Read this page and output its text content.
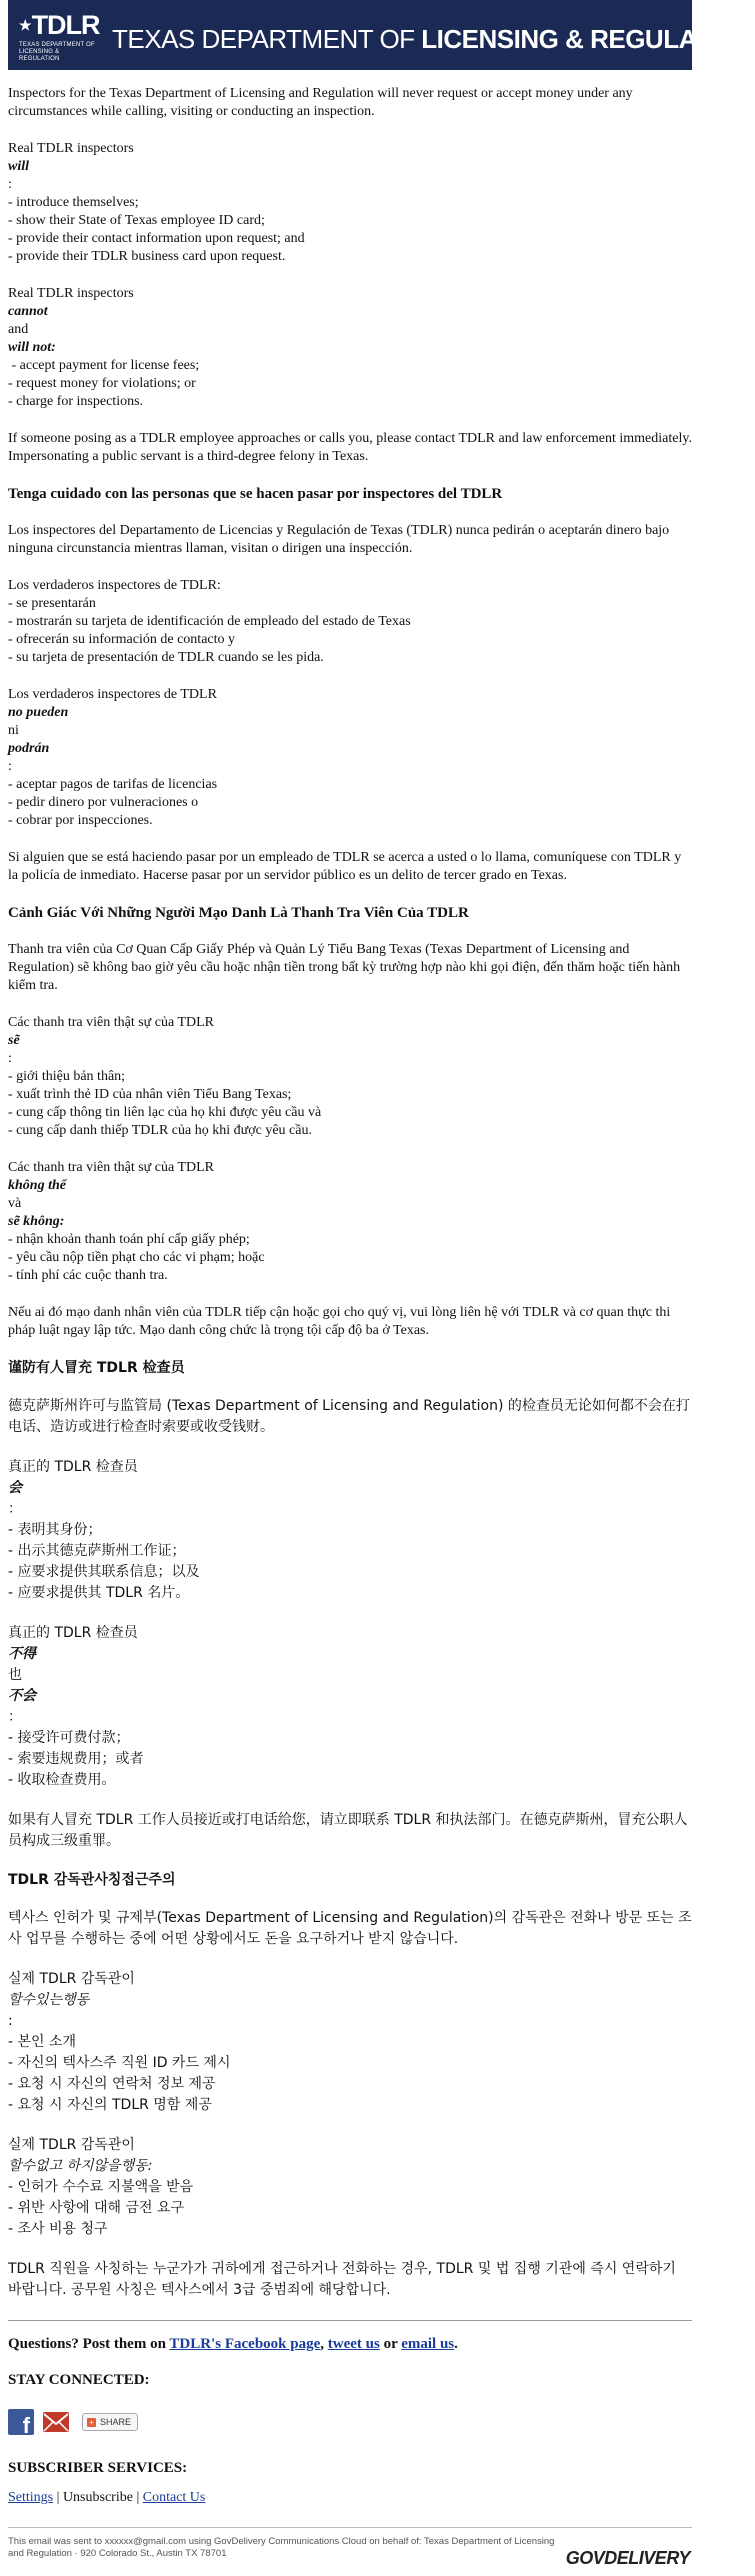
★TDLR
TEXAS DEPARTMENT OF
LICENSING & REGULATION
TEXAS DEPARTMENT OF LICENSING & REGULATION

Inspectors for the Texas Department of Licensing and Regulation will never request or accept money under any circumstances while calling, visiting or conducting an inspection.

Real TDLR inspectors
will
:
- introduce themselves;
- show their State of Texas employee ID card;
- provide their contact information upon request; and
- provide their TDLR business card upon request.

Real TDLR inspectors
cannot
and
will not:
- accept payment for license fees;
- request money for violations; or
- charge for inspections.

If someone posing as a TDLR employee approaches or calls you, please contact TDLR and law enforcement immediately. Impersonating a public servant is a third-degree felony in Texas.

Tenga cuidado con las personas que se hacen pasar por inspectores del TDLR

Los inspectores del Departamento de Licencias y Regulación de Texas (TDLR) nunca pedirán o aceptarán dinero bajo ninguna circunstancia mientras llaman, visitan o dirigen una inspección.

Los verdaderos inspectores de TDLR:
- se presentarán
- mostrarán su tarjeta de identificación de empleado del estado de Texas
- ofrecerán su información de contacto y
- su tarjeta de presentación de TDLR cuando se les pida.

Los verdaderos inspectores de TDLR
no pueden
ni
podrán
:
- aceptar pagos de tarifas de licencias
- pedir dinero por vulneraciones o
- cobrar por inspecciones.

Si alguien que se está haciendo pasar por un empleado de TDLR se acerca a usted o lo llama, comuníquese con TDLR y la policía de inmediato. Hacerse pasar por un servidor público es un delito de tercer grado en Texas.

Cảnh Giác Với Những Người Mạo Danh Là Thanh Tra Viên Của TDLR

Thanh tra viên của Cơ Quan Cấp Giấy Phép và Quản Lý Tiểu Bang Texas (Texas Department of Licensing and Regulation) sẽ không bao giờ yêu cầu hoặc nhận tiền trong bất kỳ trường hợp nào khi gọi điện, đến thăm hoặc tiến hành kiểm tra.

Các thanh tra viên thật sự của TDLR
sẽ
:
- giới thiệu bản thân;
- xuất trình thẻ ID của nhân viên Tiểu Bang Texas;
- cung cấp thông tin liên lạc của họ khi được yêu cầu và
- cung cấp danh thiếp TDLR của họ khi được yêu cầu.

Các thanh tra viên thật sự của TDLR
không thể
và
sẽ không:
- nhận khoản thanh toán phí cấp giấy phép;
- yêu cầu nộp tiền phạt cho các vi phạm; hoặc
- tính phí các cuộc thanh tra.

Nếu ai đó mạo danh nhân viên của TDLR tiếp cận hoặc gọi cho quý vị, vui lòng liên hệ với TDLR và cơ quan thực thi pháp luật ngay lập tức. Mạo danh công chức là trọng tội cấp độ ba ở Texas.

谨防有人冒充 TDLR 检查员

德克萨斯州许可与监管局 (Texas Department of Licensing and Regulation) 的检查员无论如何都不会在打电话、造访或进行检查时索要或收受钱财。

真正的 TDLR 检查员
会
：
- 表明其身份；
- 出示其德克萨斯州工作证；
- 应要求提供其联系信息；以及
- 应要求提供其 TDLR 名片。

真正的 TDLR 检查员
不得
也
不会
：
- 接受许可费付款；
- 索要违规费用；或者
- 收取检查费用。

如果有人冒充 TDLR 工作人员接近或打电话给您，请立即联系 TDLR 和执法部门。在德克萨斯州，冒充公职人员构成三级重罪。

TDLR 감독관사칭접근주의

텍사스 인허가 및 규제부(Texas Department of Licensing and Regulation)의 감독관은 전화나 방문 또는 조사 업무를 수행하는 중에 어떤 상황에서도 돈을 요구하거나 받지 않습니다.

실제 TDLR 감독관이
할수있는행동
:
- 본인 소개
- 자신의 텍사스주 직원 ID 카드 제시
- 요청 시 자신의 연락처 정보 제공
- 요청 시 자신의 TDLR 명함 제공

실제 TDLR 감독관이
할수없고 하지않을행동:
- 인허가 수수료 지불액을 받음
- 위반 사항에 대해 금전 요구
- 조사 비용 청구

TDLR 직원을 사칭하는 누군가가 귀하에게 접근하거나 전화하는 경우, TDLR 및 법 집행 기관에 즉시 연락하기 바랍니다. 공무원 사칭은 텍사스에서 3급 중범죄에 해당합니다.

Questions? Post them on TDLR's Facebook page, tweet us or email us.
STAY CONNECTED:
f	+ SHARE
SUBSCRIBER SERVICES:
Settings | Unsubscribe | Contact Us
This email was sent to xxxxxx@gmail.com using GovDelivery Communications Cloud on behalf of: Texas Department of Licensing and Regulation · 920 Colorado St., Austin TX 78701	GOVDELIVERY
